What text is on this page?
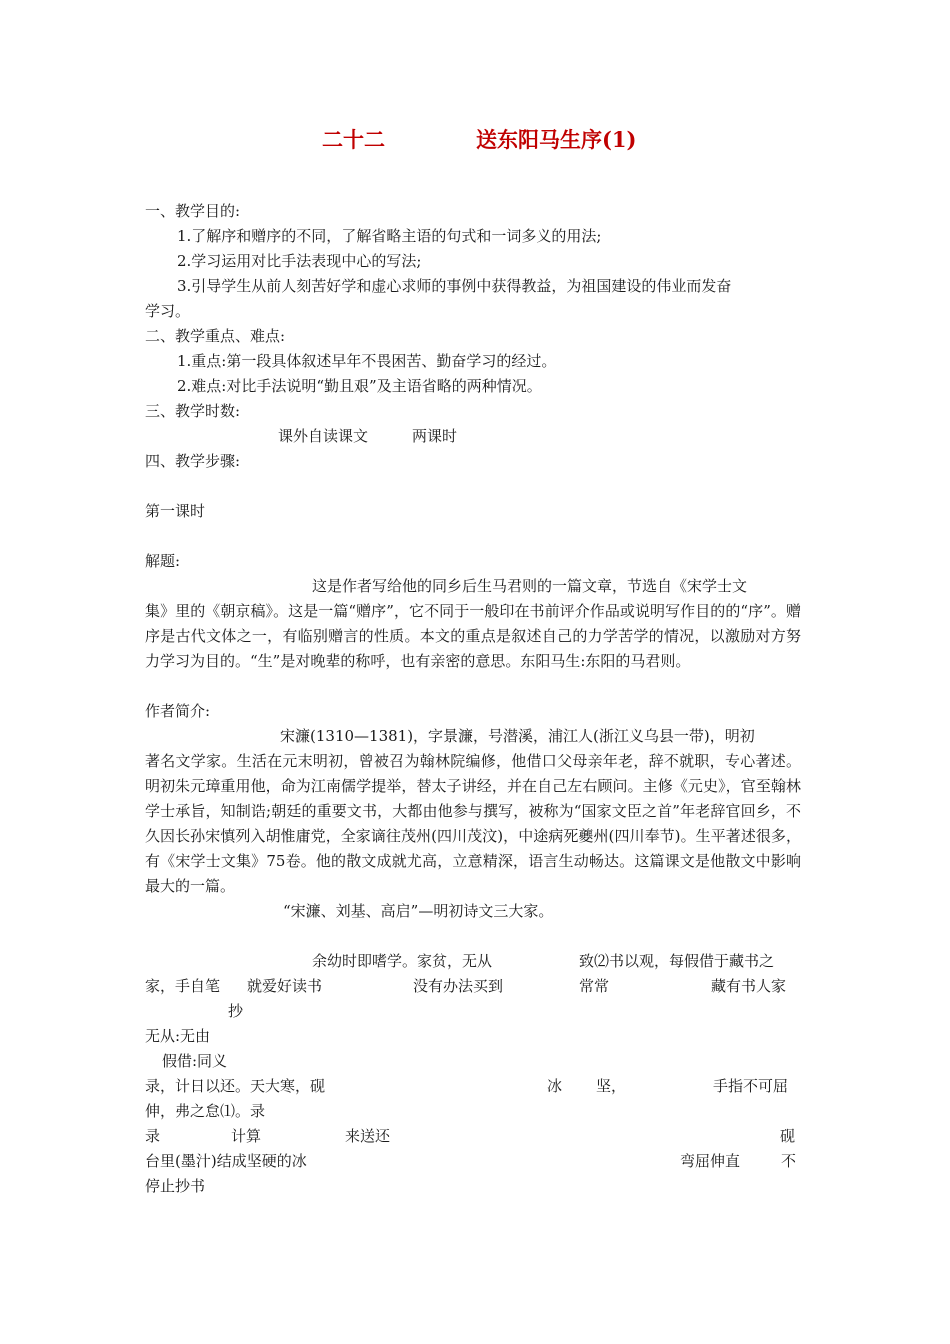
二十二	送东阳马生序(1)
一、教学目的:
1.了解序和赠序的不同，了解省略主语的句式和一词多义的用法;
2.学习运用对比手法表现中心的写法;
3.引导学生从前人刻苦好学和虚心求师的事例中获得教益，为祖国建设的伟业而发奋
学习。
二、教学重点、难点:
1.重点:第一段具体叙述早年不畏困苦、勤奋学习的经过。
2.难点:对比手法说明“勤且艰”及主语省略的两种情况。
三、教学时数:
课外自读课文	两课时
四、教学步骤:
第一课时
解题:
这是作者写给他的同乡后生马君则的一篇文章，节选自《宋学士文
集》里的《朝京稿》。这是一篇“赠序”，它不同于一般印在书前评介作品或说明写作目的的“序”。赠序是古代文体之一，有临别赠言的性质。本文的重点是叙述自己的力学苦学的情况，以激励对方努力学习为目的。“生”是对晚辈的称呼，也有亲密的意思。东阳马生:东阳的马君则。
作者简介:
宋濂(1310—1381)，字景濂，号潜溪，浦江人(浙江义乌县一带)，明初
著名文学家。生活在元末明初，曾被召为翰林院编修，他借口父母亲年老，辞不就职，专心著述。明初朱元璋重用他，命为江南儒学提举，替太子讲经，并在自己左右顾问。主修《元史》，官至翰林学士承旨，知制诰;朝廷的重要文书，大都由他参与撰写，被称为“国家文臣之首”年老辞官回乡，不久因长孙宋慎列入胡惟庸党，全家谪往茂州(四川茂汶)，中途病死夔州(四川奉节)。生平著述很多，有《宋学士文集》75卷。他的散文成就尤高，立意精深，语言生动畅达。这篇课文是他散文中影响最大的一篇。
“宋濂、刘基、高启”—明初诗文三大家。
余幼时即嗜学。家贫，无从	致⑵书以观，每假借于藏书之
家，手自笔 就爱好读书	没有办法买到	常常	藏有书人家
抄
无从:无由
假借:同义
录，计日以还。天大寒，砚	冰 坚，	手指不可屈
伸，弗之怠⑴。录
录	计算	来送还	砚
台里(墨汁)结成坚硬的冰	弯屈伸直	不
停止抄书
